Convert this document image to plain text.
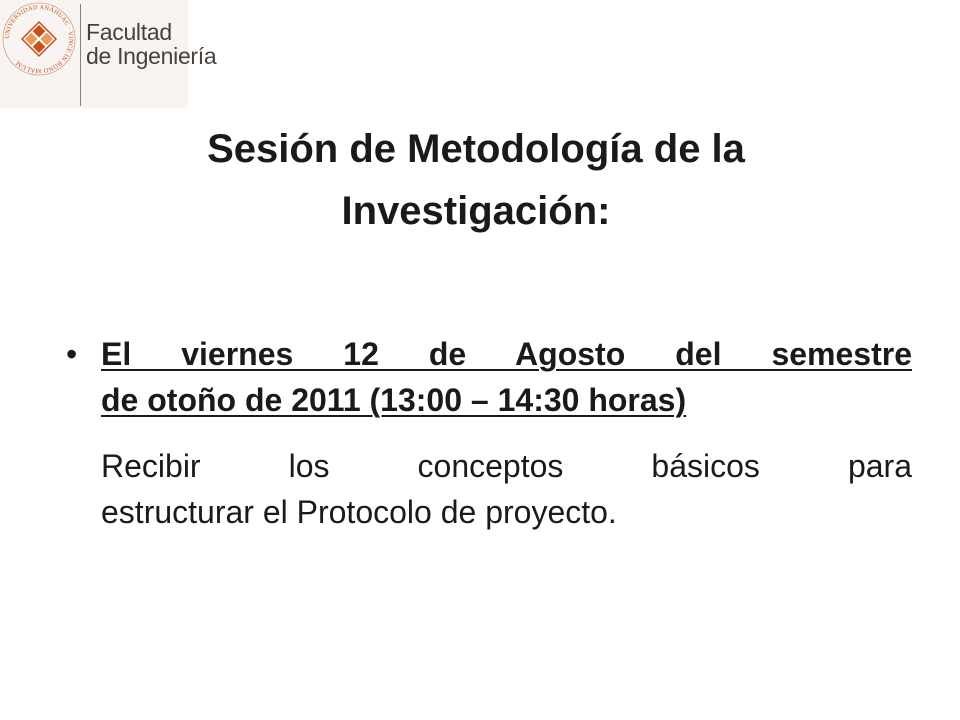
UNIVERSIDAD ANÁHUAC · VINCE IN BONO MALUM ·
Facultad
de Ingeniería
Sesión de Metodología de la
Investigación:
• El viernes 12 de Agosto del semestre
de otoño de 2011 (13:00 – 14:30 horas)
Recibir los conceptos básicos para
estructurar el Protocolo de proyecto.
